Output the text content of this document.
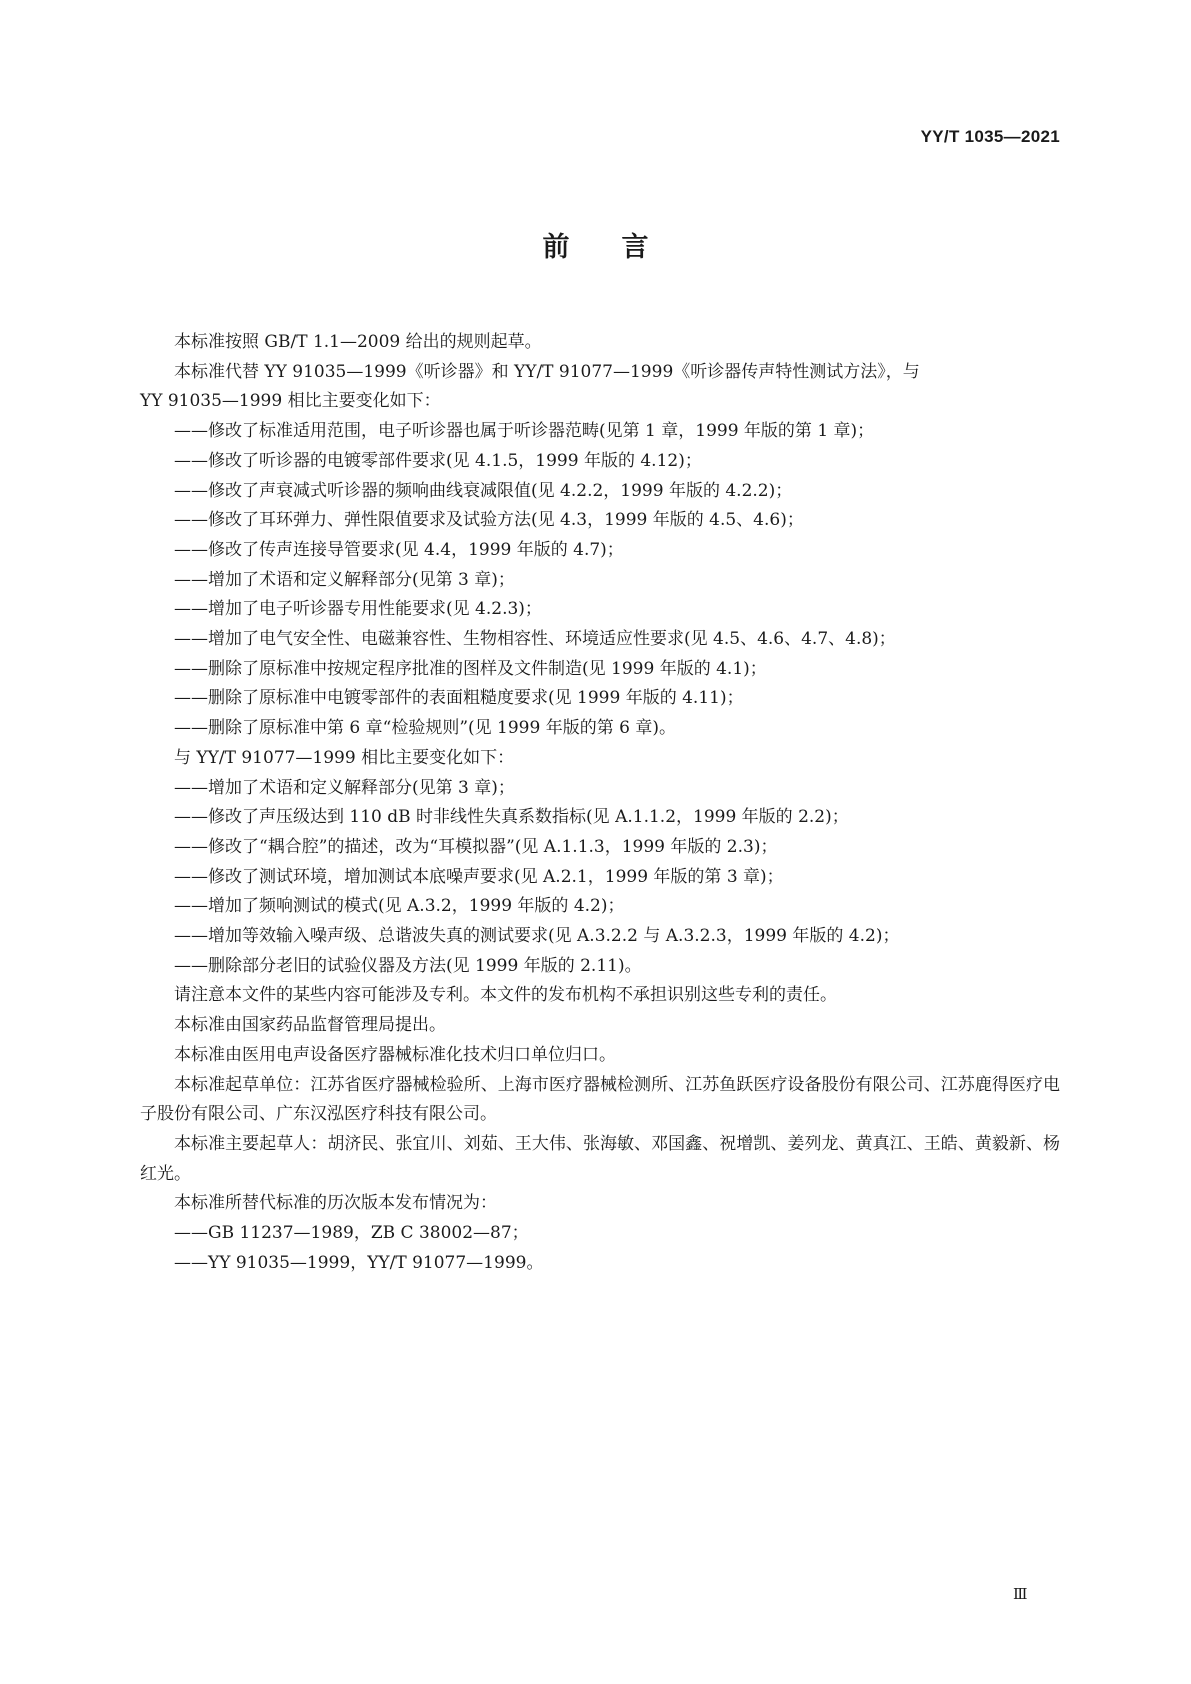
YY/T 1035—2021
前言

本标准按照 GB/T 1.1—2009 给出的规则起草。

本标准代替 YY 91035—1999《听诊器》和 YY/T 91077—1999《听诊器传声特性测试方法》，与

YY 91035—1999 相比主要变化如下：

——修改了标准适用范围，电子听诊器也属于听诊器范畴(见第 1 章，1999 年版的第 1 章)；

——修改了听诊器的电镀零部件要求(见 4.1.5，1999 年版的 4.12)；

——修改了声衰减式听诊器的频响曲线衰减限值(见 4.2.2，1999 年版的 4.2.2)；

——修改了耳环弹力、弹性限值要求及试验方法(见 4.3，1999 年版的 4.5、4.6)；

——修改了传声连接导管要求(见 4.4，1999 年版的 4.7)；

——增加了术语和定义解释部分(见第 3 章)；

——增加了电子听诊器专用性能要求(见 4.2.3)；

——增加了电气安全性、电磁兼容性、生物相容性、环境适应性要求(见 4.5、4.6、4.7、4.8)；

——删除了原标准中按规定程序批准的图样及文件制造(见 1999 年版的 4.1)；

——删除了原标准中电镀零部件的表面粗糙度要求(见 1999 年版的 4.11)；

——删除了原标准中第 6 章“检验规则”(见 1999 年版的第 6 章)。

与 YY/T 91077—1999 相比主要变化如下：

——增加了术语和定义解释部分(见第 3 章)；

——修改了声压级达到 110 dB 时非线性失真系数指标(见 A.1.1.2，1999 年版的 2.2)；

——修改了“耦合腔”的描述，改为“耳模拟器”(见 A.1.1.3，1999 年版的 2.3)；

——修改了测试环境，增加测试本底噪声要求(见 A.2.1，1999 年版的第 3 章)；

——增加了频响测试的模式(见 A.3.2，1999 年版的 4.2)；

——增加等效输入噪声级、总谐波失真的测试要求(见 A.3.2.2 与 A.3.2.3，1999 年版的 4.2)；

——删除部分老旧的试验仪器及方法(见 1999 年版的 2.11)。

请注意本文件的某些内容可能涉及专利。本文件的发布机构不承担识别这些专利的责任。

本标准由国家药品监督管理局提出。

本标准由医用电声设备医疗器械标准化技术归口单位归口。

本标准起草单位：江苏省医疗器械检验所、上海市医疗器械检测所、江苏鱼跃医疗设备股份有限公司、江苏鹿得医疗电子股份有限公司、广东汉泓医疗科技有限公司。

本标准主要起草人：胡济民、张宜川、刘茹、王大伟、张海敏、邓国鑫、祝增凯、姜列龙、黄真江、王皓、黄毅新、杨红光。

本标准所替代标准的历次版本发布情况为：

——GB 11237—1989，ZB C 38002—87；

——YY 91035—1999，YY/T 91077—1999。

Ⅲ
